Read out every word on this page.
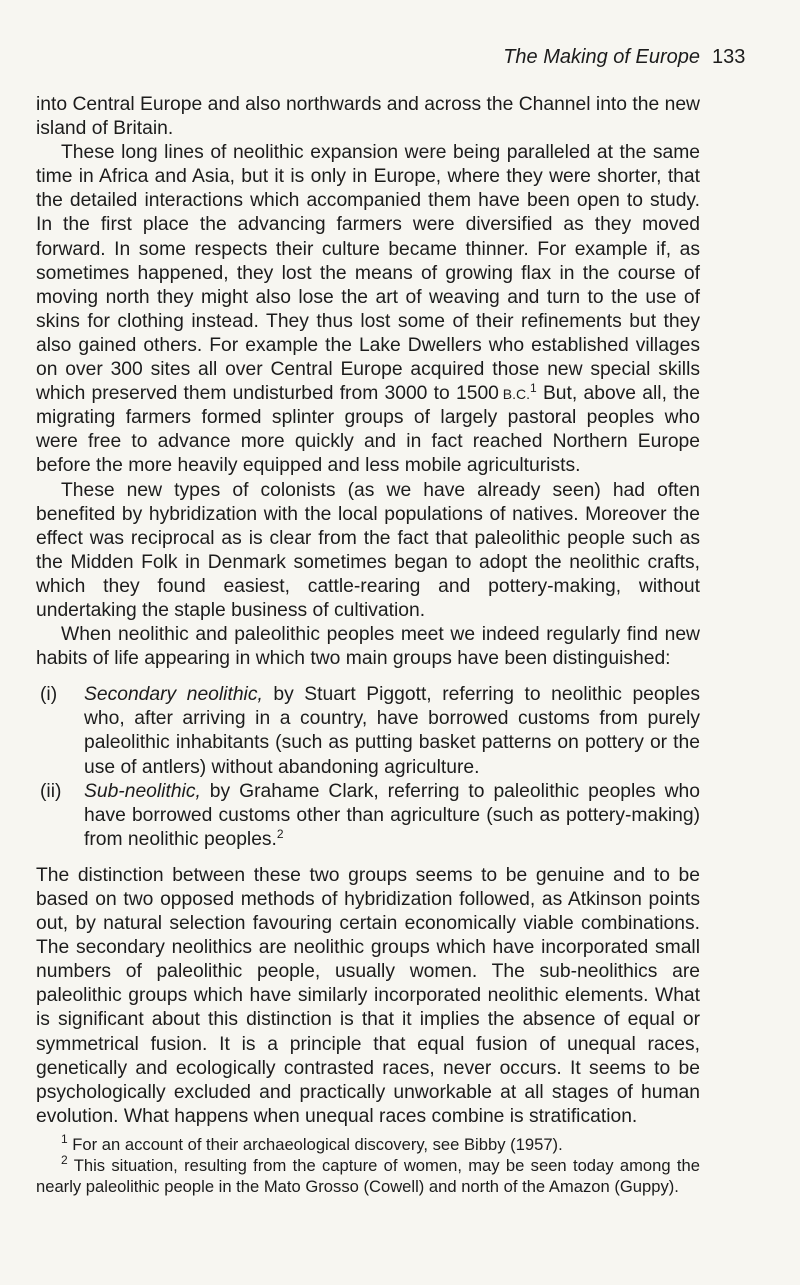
The Making of Europe 133

into Central Europe and also northwards and across the Channel into the new island of Britain.

These long lines of neolithic expansion were being paralleled at the same time in Africa and Asia, but it is only in Europe, where they were shorter, that the detailed interactions which accompanied them have been open to study. In the first place the advancing farmers were diversified as they moved forward. In some respects their culture became thinner. For example if, as sometimes happened, they lost the means of growing flax in the course of moving north they might also lose the art of weaving and turn to the use of skins for clothing instead. They thus lost some of their refinements but they also gained others. For example the Lake Dwellers who established villages on over 300 sites all over Central Europe acquired those new special skills which preserved them undisturbed from 3000 to 1500 B.C.$^1$ But, above all, the migrating farmers formed splinter groups of largely pastoral peoples who were free to advance more quickly and in fact reached Northern Europe before the more heavily equipped and less mobile agriculturists.

These new types of colonists (as we have already seen) had often benefited by hybridization with the local populations of natives. Moreover the effect was reciprocal as is clear from the fact that paleolithic people such as the Midden Folk in Denmark sometimes began to adopt the neolithic crafts, which they found easiest, cattle-rearing and pottery-making, without undertaking the staple business of cultivation.

When neolithic and paleolithic peoples meet we indeed regularly find new habits of life appearing in which two main groups have been distinguished:

(i)	Secondary neolithic, by Stuart Piggott, referring to neolithic peoples who, after arriving in a country, have borrowed customs from purely paleolithic inhabitants (such as putting basket patterns on pottery or the use of antlers) without abandoning agriculture.
(ii)	Sub-neolithic, by Grahame Clark, referring to paleolithic peoples who have borrowed customs other than agriculture (such as pottery-making) from neolithic peoples.$^2$

The distinction between these two groups seems to be genuine and to be based on two opposed methods of hybridization followed, as Atkinson points out, by natural selection favouring certain economically viable combinations. The secondary neolithics are neolithic groups which have incorporated small numbers of paleolithic people, usually women. The sub-neolithics are paleolithic groups which have similarly incorporated neolithic elements. What is significant about this distinction is that it implies the absence of equal or symmetrical fusion. It is a principle that equal fusion of unequal races, genetically and ecologically contrasted races, never occurs. It seems to be psychologically excluded and practically unworkable at all stages of human evolution. What happens when unequal races combine is stratification.

$^1$ For an account of their archaeological discovery, see Bibby (1957).

$^2$ This situation, resulting from the capture of women, may be seen today among the nearly paleolithic people in the Mato Grosso (Cowell) and north of the Amazon (Guppy).
